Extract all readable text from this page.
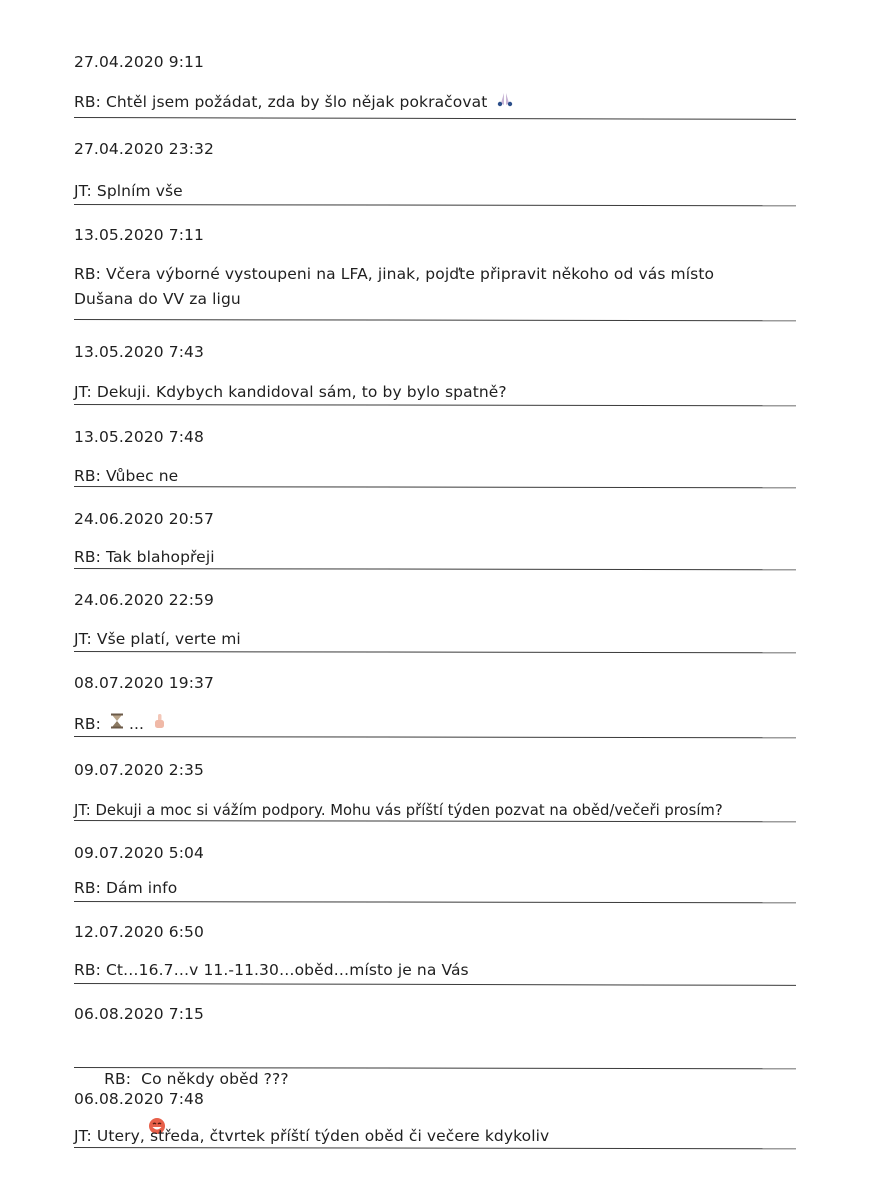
27.04.2020 9:11
RB: Chtěl jsem požádat, zda by šlo nějak pokračovat
27.04.2020 23:32
JT: Splním vše
13.05.2020 7:11
RB: Včera výborné vystoupeni na LFA, jinak, pojďte připravit někoho od vás místo Dušana do VV za ligu
13.05.2020 7:43
JT: Dekuji. Kdybych kandidoval sám, to by bylo spatně?
13.05.2020 7:48
RB: Vůbec ne
24.06.2020 20:57
RB: Tak blahopřeji
24.06.2020 22:59
JT: Vše platí, verte mi
08.07.2020 19:37
RB: ...
09.07.2020 2:35
JT: Dekuji a moc si vážím podpory. Mohu vás příští týden pozvat na oběd/večeři prosím?
09.07.2020 5:04
RB: Dám info
12.07.2020 6:50
RB: Ct…16.7…v 11.-11.30…oběd…místo je na Vás
06.08.2020 7:15

RB:  Co někdy oběd ???

06.08.2020 7:48
JT: Utery, středa, čtvrtek příští týden oběd či večere kdykoliv
